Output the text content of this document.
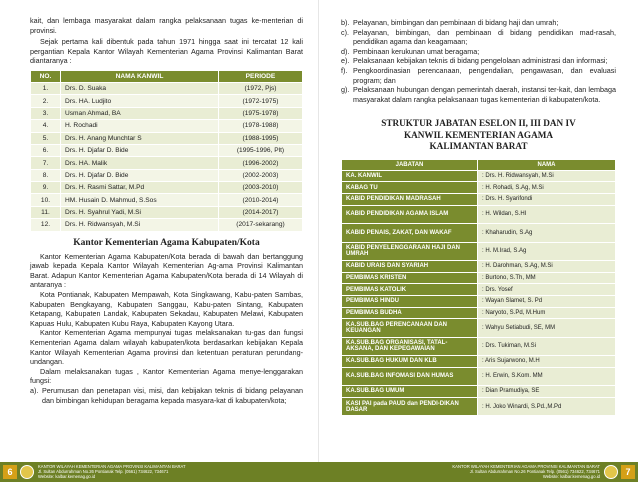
kait, dan lembaga masyarakat dalam rangka pelaksanaan tugas ke-menterian di provinsi.

Sejak pertama kali dibentuk pada tahun 1971 hingga saat ini tercatat 12 kali pergantian Kepala Kantor Wilayah Kementerian Agama Provinsi Kalimantan Barat diantaranya :

NO.	NAMA KANWIL	PERIODE
1.	Drs. D. Suaka	(1972, Pjs)
2.	Drs. HA. Ludjito	(1972-1975)
3.	Usman Ahmad, BA	(1975-1978)
4.	H. Rochadi	(1978-1988)
5.	Drs. H. Anang Munchtar S	(1988-1995)
6.	Drs. H. Djafar D. Bide	(1995-1996, Plt)
7.	Drs. HA. Malik	(1996-2002)
8.	Drs. H. Djafar D. Bide	(2002-2003)
9.	Drs. H. Rasmi Sattar, M.Pd	(2003-2010)
10.	HM. Husain D. Mahmud, S.Sos	(2010-2014)
11.	Drs. H. Syahrul Yadi, M.Si	(2014-2017)
12.	Drs. H. Ridwansyah, M.Si	(2017-sekarang)
Kantor Kementerian Agama Kabupaten/Kota

Kantor Kementerian Agama Kabupaten/Kota berada di bawah dan bertanggung jawab kepada Kepala Kantor Wilayah Kementerian Ag-ama Provinsi Kalimantan Barat. Adapun Kantor Kementerian Agama Kabupaten/Kota berada di 14 Wilayah di antaranya :

Kota Pontianak, Kabupaten Mempawah, Kota Singkawang, Kabu-paten Sambas, Kabupaten Bengkayang, Kabupaten Sanggau, Kabu-paten Sintang, Kabupaten Ketapang, Kabupaten Landak, Kabupaten Sekadau, Kabupaten Melawi, Kabupaten Kapuas Hulu, Kabupaten Kubu Raya, Kabupaten Kayong Utara.

Kantor Kementerian Agama mempunyai tugas melaksanakan tu-gas dan fungsi Kementerian Agama dalam wilayah kabupaten/kota berdasarkan kebijakan Kepala Kantor Wilayah Kementerian Agama provinsi dan ketentuan peraturan perundang-undangan.

Dalam melaksanakan tugas , Kantor Kementerian Agama menye-lenggarakan fungsi:

a). Perumusan dan penetapan visi, misi, dan kebijakan teknis di bidang pelayanan dan bimbingan kehidupan beragama kepada masyara-kat di kabupaten/kota;
b). Pelayanan, bimbingan dan pembinaan di bidang haji dan umrah;
c). Pelayanan, bimbingan, dan pembinaan di bidang pendidikan mad-rasah, pendidikan agama dan keagamaan;
d). Pembinaan kerukunan umat beragama;
e). Pelaksanaan kebijakan teknis di bidang pengelolaan administrasi dan informasi;
f). Pengkoordinasian perencanaan, pengendalian, pengawasan, dan evaluasi program; dan
g). Pelaksanaan hubungan dengan pemerintah daerah, instansi ter-kait, dan lembaga masyarakat dalam rangka pelaksanaan tugas kementerian di kabupaten/kota.
STRUKTUR JABATAN ESELON II, III DAN IV
KANWIL KEMENTERIAN AGAMA
KALIMANTAN BARAT
JABATAN	NAMA
KA. KANWIL	: Drs. H. Ridwansyah, M.Si
KABAG TU	: H. Rohadi, S.Ag, M.Si
KABID PENDIDIKAN MADRASAH	: Drs. H. Syarifondi
KABID PENDIDIKAN AGAMA ISLAM	: H. Wildan, S.HI
KABID PENAIS, ZAKAT, DAN WAKAF	: Khaharudin, S.Ag
KABID PENYELENGGARAAN HAJI DAN UMRAH	: H. M.Irad, S.Ag
KABID URAIS DAN SYARIAH	: H. Darohman, S.Ag, M.Si
PEMBIMAS KRISTEN	: Burtono, S.Th, MM
PEMBIMAS KATOLIK	: Drs. Yosef
PEMBIMAS HINDU	: Wayan Slamet, S. Pd
PEMBIMAS BUDHA	: Naryoto, S.Pd, M.Hum
KA.SUB.BAG PERENCANAAN DAN KEUANGAN	: Wahyu Setiabudi, SE, MM
KA.SUB.BAG ORGANISASI, TATAL-AKSANA, DAN KEPEGAWAIAN	: Drs. Tukiman, M.Si
KA.SUB.BAG HUKUM DAN KLB	: Aris Sujarwono, M.H
KA.SUB.BAG INFOMASI DAN HUMAS	: H. Erwin, S.Kom. MM
KA.SUB.BAG UMUM	: Dian Pramudiya, SE
KASI PAI pada PAUD dan PENDI-DIKAN DASAR	: H. Joko Winardi, S.Pd.,M.Pd
6
KANTOR WILAYAH KEMENTERIAN AGAMA PROVINSI KALIMANTAN BARAT
Jl. Sultan Abdurrahman No.26 Pontianak Telp. (0561) 734622, 734671
Website: kalbar.kemenag.go.id
KANTOR WILAYAH KEMENTERIAN AGAMA PROVINSI KALIMANTAN BARAT
Jl. Sultan Abdurrahman No.26 Pontianak Telp. (0561) 734622, 734671
Website: kalbar.kemenag.go.id	7
